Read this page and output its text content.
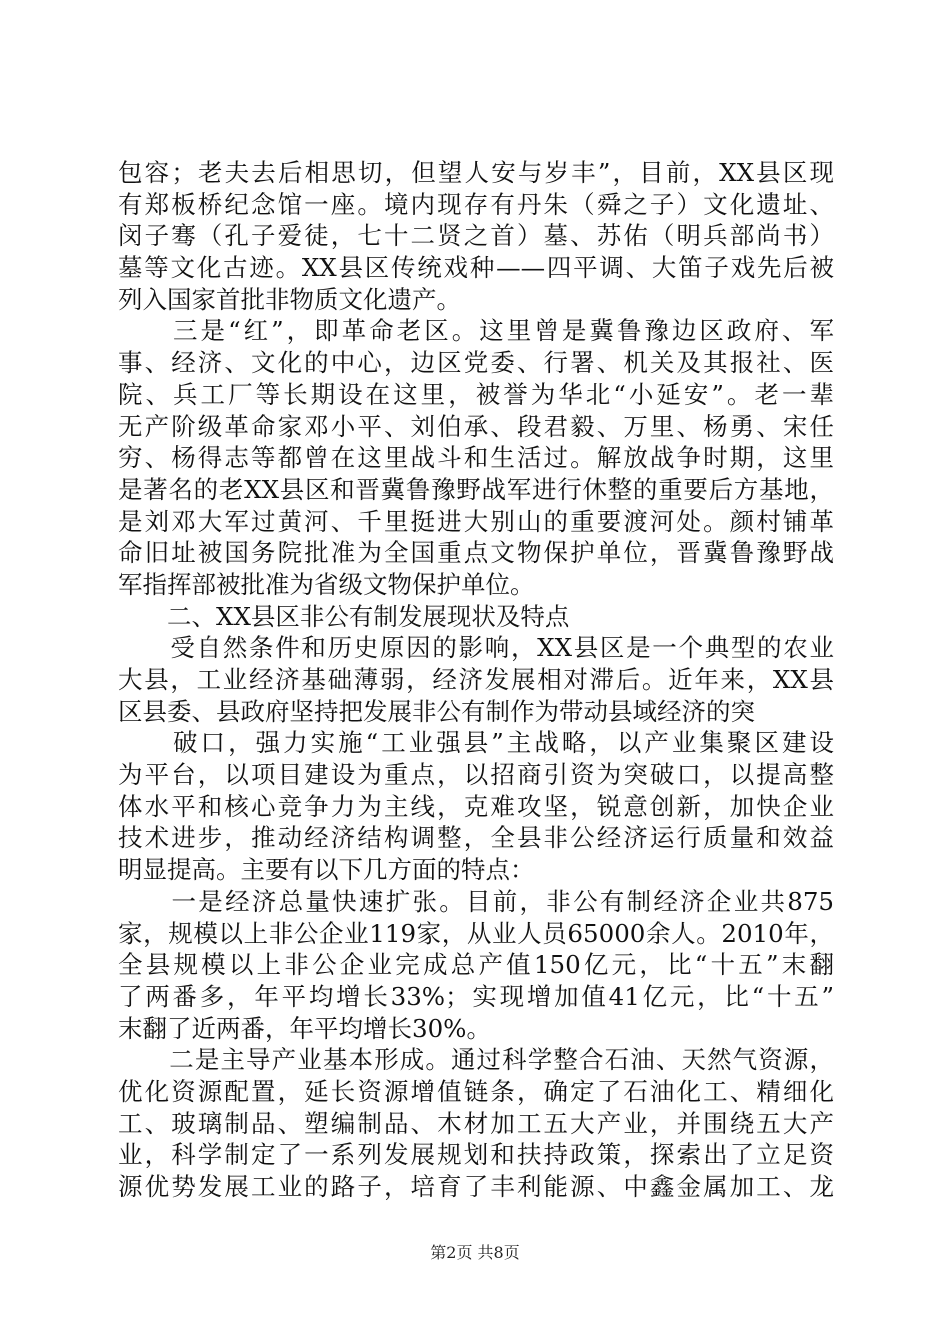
包容；老夫去后相思切，但望人安与岁丰”，目前，XX县区现
有郑板桥纪念馆一座。境内现存有丹朱（舜之子）文化遗址、
闵子骞（孔子爱徒，七十二贤之首）墓、苏佑（明兵部尚书）
墓等文化古迹。XX县区传统戏种——四平调、大笛子戏先后被
列入国家首批非物质文化遗产。
　　三是“红”，即革命老区。这里曾是冀鲁豫边区政府、军
事、经济、文化的中心，边区党委、行署、机关及其报社、医
院、兵工厂等长期设在这里，被誉为华北“小延安”。老一辈
无产阶级革命家邓小平、刘伯承、段君毅、万里、杨勇、宋任
穷、杨得志等都曾在这里战斗和生活过。解放战争时期，这里
是著名的老XX县区和晋冀鲁豫野战军进行休整的重要后方基地，
是刘邓大军过黄河、千里挺进大别山的重要渡河处。颜村铺革
命旧址被国务院批准为全国重点文物保护单位，晋冀鲁豫野战
军指挥部被批准为省级文物保护单位。
　　二、XX县区非公有制发展现状及特点
　　受自然条件和历史原因的影响，XX县区是一个典型的农业
大县，工业经济基础薄弱，经济发展相对滞后。近年来，XX县
区县委、县政府坚持把发展非公有制作为带动县域经济的突
　　破口，强力实施“工业强县”主战略，以产业集聚区建设
为平台，以项目建设为重点，以招商引资为突破口，以提高整
体水平和核心竞争力为主线，克难攻坚，锐意创新，加快企业
技术进步，推动经济结构调整，全县非公经济运行质量和效益
明显提高。主要有以下几方面的特点：
　　一是经济总量快速扩张。目前，非公有制经济企业共875
家，规模以上非公企业119家，从业人员65000余人。2010年，
全县规模以上非公企业完成总产值150亿元，比“十五”末翻
了两番多，年平均增长33%；实现增加值41亿元，比“十五”
末翻了近两番，年平均增长30%。
　　二是主导产业基本形成。通过科学整合石油、天然气资源，
优化资源配置，延长资源增值链条，确定了石油化工、精细化
工、玻璃制品、塑编制品、木材加工五大产业，并围绕五大产
业，科学制定了一系列发展规划和扶持政策，探索出了立足资
源优势发展工业的路子，培育了丰利能源、中鑫金属加工、龙
第2页 共8页
